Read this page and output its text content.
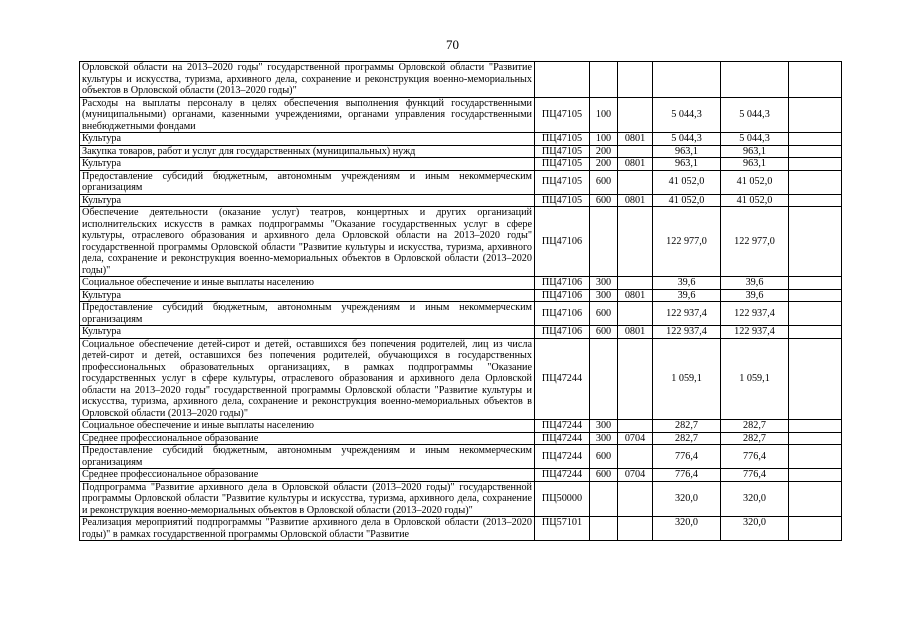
70
Орловской области на 2013–2020 годы" государственной программы Орловской области "Развитие культуры и искусства, туризма, архивного дела, сохранение и реконструкция военно-мемориальных объектов в Орловской области (2013–2020 годы)"						
Расходы на выплаты персоналу в целях обеспечения выполнения функций государственными (муниципальными) органами, казенными учреждениями, органами управления государственными внебюджетными фондами	ПЦ47105	100		5 044,3	5 044,3	
Культура	ПЦ47105	100	0801	5 044,3	5 044,3	
Закупка товаров, работ и услуг для государственных (муниципальных) нужд	ПЦ47105	200		963,1	963,1	
Культура	ПЦ47105	200	0801	963,1	963,1	
Предоставление субсидий бюджетным, автономным учреждениям и иным некоммерческим организациям	ПЦ47105	600		41 052,0	41 052,0	
Культура	ПЦ47105	600	0801	41 052,0	41 052,0	
Обеспечение деятельности (оказание услуг) театров, концертных и других организаций исполнительских искусств в рамках подпрограммы "Оказание государственных услуг в сфере культуры, отраслевого образования и архивного дела Орловской области на 2013–2020 годы" государственной программы Орловской области "Развитие культуры и искусства, туризма, архивного дела, сохранение и реконструкция военно-мемориальных объектов в Орловской области (2013–2020 годы)"	ПЦ47106			122 977,0	122 977,0	
Социальное обеспечение и иные выплаты населению	ПЦ47106	300		39,6	39,6	
Культура	ПЦ47106	300	0801	39,6	39,6	
Предоставление субсидий бюджетным, автономным учреждениям и иным некоммерческим организациям	ПЦ47106	600		122 937,4	122 937,4	
Культура	ПЦ47106	600	0801	122 937,4	122 937,4	
Социальное обеспечение детей-сирот и детей, оставшихся без попечения родителей, лиц из числа детей-сирот и детей, оставшихся без попечения родителей, обучающихся в государственных профессиональных образовательных организациях, в рамках подпрограммы "Оказание государственных услуг в сфере культуры, отраслевого образования и архивного дела Орловской области на 2013–2020 годы" государственной программы Орловской области "Развитие культуры и искусства, туризма, архивного дела, сохранение и реконструкция военно-мемориальных объектов в Орловской области (2013–2020 годы)"	ПЦ47244			1 059,1	1 059,1	
Социальное обеспечение и иные выплаты населению	ПЦ47244	300		282,7	282,7	
Среднее профессиональное образование	ПЦ47244	300	0704	282,7	282,7	
Предоставление субсидий бюджетным, автономным учреждениям и иным некоммерческим организациям	ПЦ47244	600		776,4	776,4	
Среднее профессиональное образование	ПЦ47244	600	0704	776,4	776,4	
Подпрограмма "Развитие архивного дела в Орловской области (2013–2020 годы)" государственной программы Орловской области "Развитие культуры и искусства, туризма, архивного дела, сохранение и реконструкция военно-мемориальных объектов в Орловской области (2013–2020 годы)"	ПЦ50000			320,0	320,0	
Реализация мероприятий подпрограммы "Развитие архивного дела в Орловской области (2013–2020 годы)" в рамках государственной программы Орловской области "Развитие	ПЦ57101			320,0	320,0	
